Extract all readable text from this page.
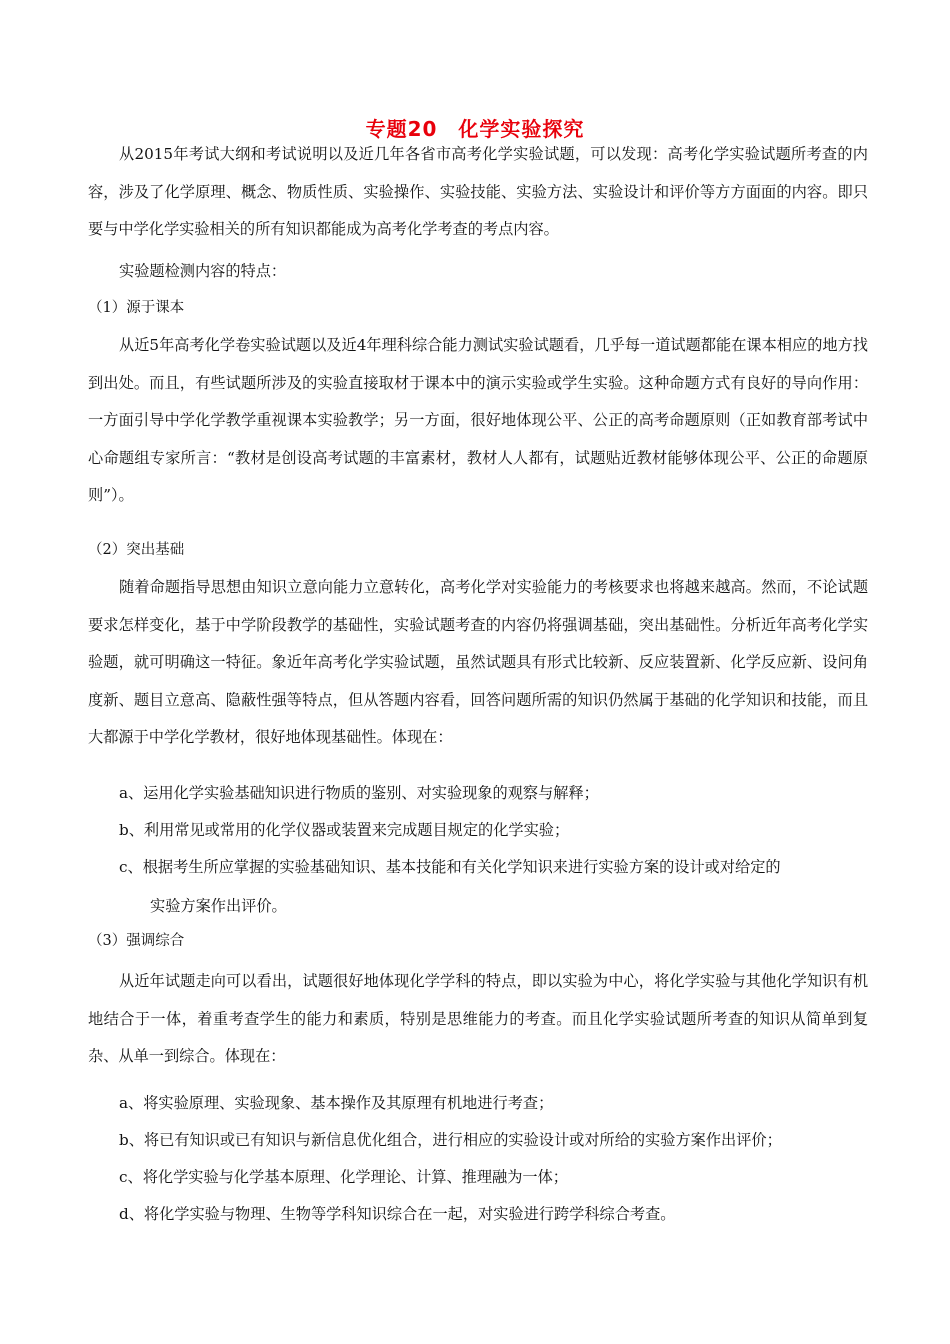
专题20　化学实验探究

从2015年考试大纲和考试说明以及近几年各省市高考化学实验试题，可以发现：高考化学实验试题所考查的内容，涉及了化学原理、概念、物质性质、实验操作、实验技能、实验方法、实验设计和评价等方方面面的内容。即只要与中学化学实验相关的所有知识都能成为高考化学考查的考点内容。

实验题检测内容的特点：

（1）源于课本

从近5年高考化学卷实验试题以及近4年理科综合能力测试实验试题看，几乎每一道试题都能在课本相应的地方找到出处。而且，有些试题所涉及的实验直接取材于课本中的演示实验或学生实验。这种命题方式有良好的导向作用：一方面引导中学化学教学重视课本实验教学；另一方面，很好地体现公平、公正的高考命题原则（正如教育部考试中心命题组专家所言：“教材是创设高考试题的丰富素材，教材人人都有，试题贴近教材能够体现公平、公正的命题原则”）。

（2）突出基础

随着命题指导思想由知识立意向能力立意转化，高考化学对实验能力的考核要求也将越来越高。然而，不论试题要求怎样变化，基于中学阶段教学的基础性，实验试题考查的内容仍将强调基础，突出基础性。分析近年高考化学实验题，就可明确这一特征。象近年高考化学实验试题，虽然试题具有形式比较新、反应装置新、化学反应新、设问角度新、题目立意高、隐蔽性强等特点，但从答题内容看，回答问题所需的知识仍然属于基础的化学知识和技能，而且大都源于中学化学教材，很好地体现基础性。体现在：

a、运用化学实验基础知识进行物质的鉴别、对实验现象的观察与解释；

b、利用常见或常用的化学仪器或装置来完成题目规定的化学实验；

c、根据考生所应掌握的实验基础知识、基本技能和有关化学知识来进行实验方案的设计或对给定的

实验方案作出评价。

（3）强调综合

从近年试题走向可以看出，试题很好地体现化学学科的特点，即以实验为中心，将化学实验与其他化学知识有机地结合于一体，着重考查学生的能力和素质，特别是思维能力的考查。而且化学实验试题所考查的知识从简单到复杂、从单一到综合。体现在：

a、将实验原理、实验现象、基本操作及其原理有机地进行考查；

b、将已有知识或已有知识与新信息优化组合，进行相应的实验设计或对所给的实验方案作出评价；

c、将化学实验与化学基本原理、化学理论、计算、推理融为一体；

d、将化学实验与物理、生物等学科知识综合在一起，对实验进行跨学科综合考查。
